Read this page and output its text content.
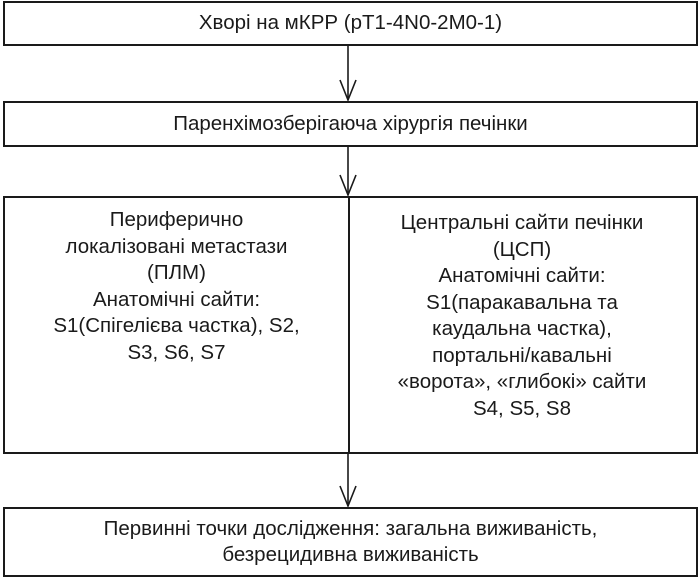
Хворі на мКРР (pT1-4N0-2M0-1)
Паренхімозберігаюча хірургія печінки
Периферично
локалізовані метастази
(ПЛМ)
Анатомічні сайти:
S1(Спігелієва частка), S2,
S3, S6, S7
Центральні сайти печінки
(ЦСП)
Анатомічні сайти:
S1(паракавальна та
каудальна частка),
портальні/кавальні
«ворота», «глибокі» сайти
S4, S5, S8
Первинні точки дослідження: загальна виживаність,
безрецидивна виживаність
